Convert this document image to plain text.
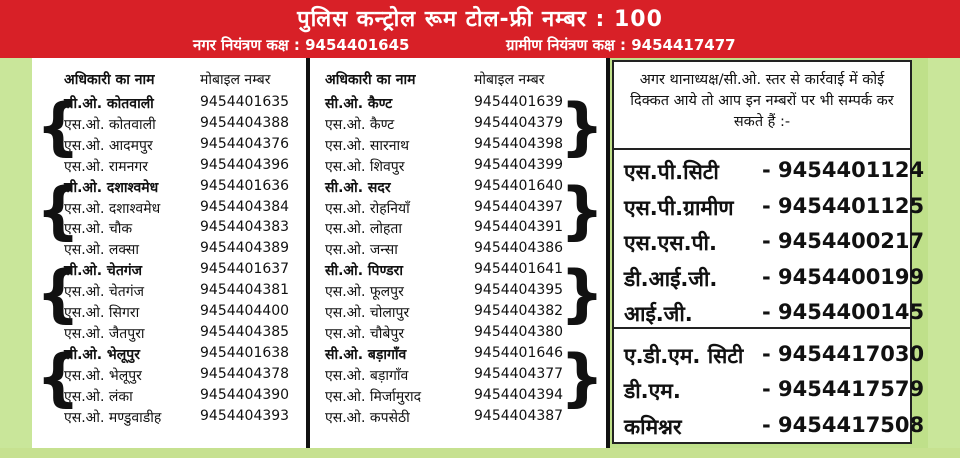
पुलिस कन्ट्रोल रूम टोल-फ्री नम्बर : 100
नगर नियंत्रण कक्ष : 9454401645	ग्रामीण नियंत्रण कक्ष : 9454417477
अधिकारी का नाम	मोबाइल नम्बर	अधिकारी का नाम	मोबाइल नम्बर
सी.ओ. कोतवाली	9454401635
एस.ओ. कोतवाली	9454404388
एस.ओ. आदमपुर	9454404376
एस.ओ. रामनगर	9454404396
सी.ओ. दशाश्वमेध	9454401636
एस.ओ. दशाश्वमेध	9454404384
एस.ओ. चौक	9454404383
एस.ओ. लक्सा	9454404389
सी.ओ. चेतगंज	9454401637
एस.ओ. चेतगंज	9454404381
एस.ओ. सिगरा	9454404400
एस.ओ. जैतपुरा	9454404385
सी.ओ. भेलूपुर	9454401638
एस.ओ. भेलूपुर	9454404378
एस.ओ. लंका	9454404390
एस.ओ. मण्डुवाडीह	9454404393
सी.ओ. कैण्ट	9454401639
एस.ओ. कैण्ट	9454404379
एस.ओ. सारनाथ	9454404398
एस.ओ. शिवपुर	9454404399
सी.ओ. सदर	9454401640
एस.ओ. रोहनियाँ	9454404397
एस.ओ. लोहता	9454404391
एस.ओ. जन्सा	9454404386
सी.ओ. पिण्डरा	9454401641
एस.ओ. फूलपुर	9454404395
एस.ओ. चोलापुर	9454404382
एस.ओ. चौबेपुर	9454404380
सी.ओ. बड़ागाँव	9454401646
एस.ओ. बड़ागाँव	9454404377
एस.ओ. मिर्जामुराद	9454404394
एस.ओ. कपसेठी	9454404387
{
{
{
{
}
}
}
}
अगर थानाध्यक्ष/सी.ओ. स्तर से कार्रवाई में कोई दिक्कत आये तो आप इन नम्बरों पर भी सम्पर्क कर सकते हैं :-
एस.पी.सिटी - 9454401124
एस.पी.ग्रामीण - 9454401125
एस.एस.पी. - 9454400217
डी.आई.जी. - 9454400199
आई.जी.	- 9454400145
ए.डी.एम. सिटी - 9454417030
डी.एम.	- 9454417579
कमिश्नर	- 9454417508
